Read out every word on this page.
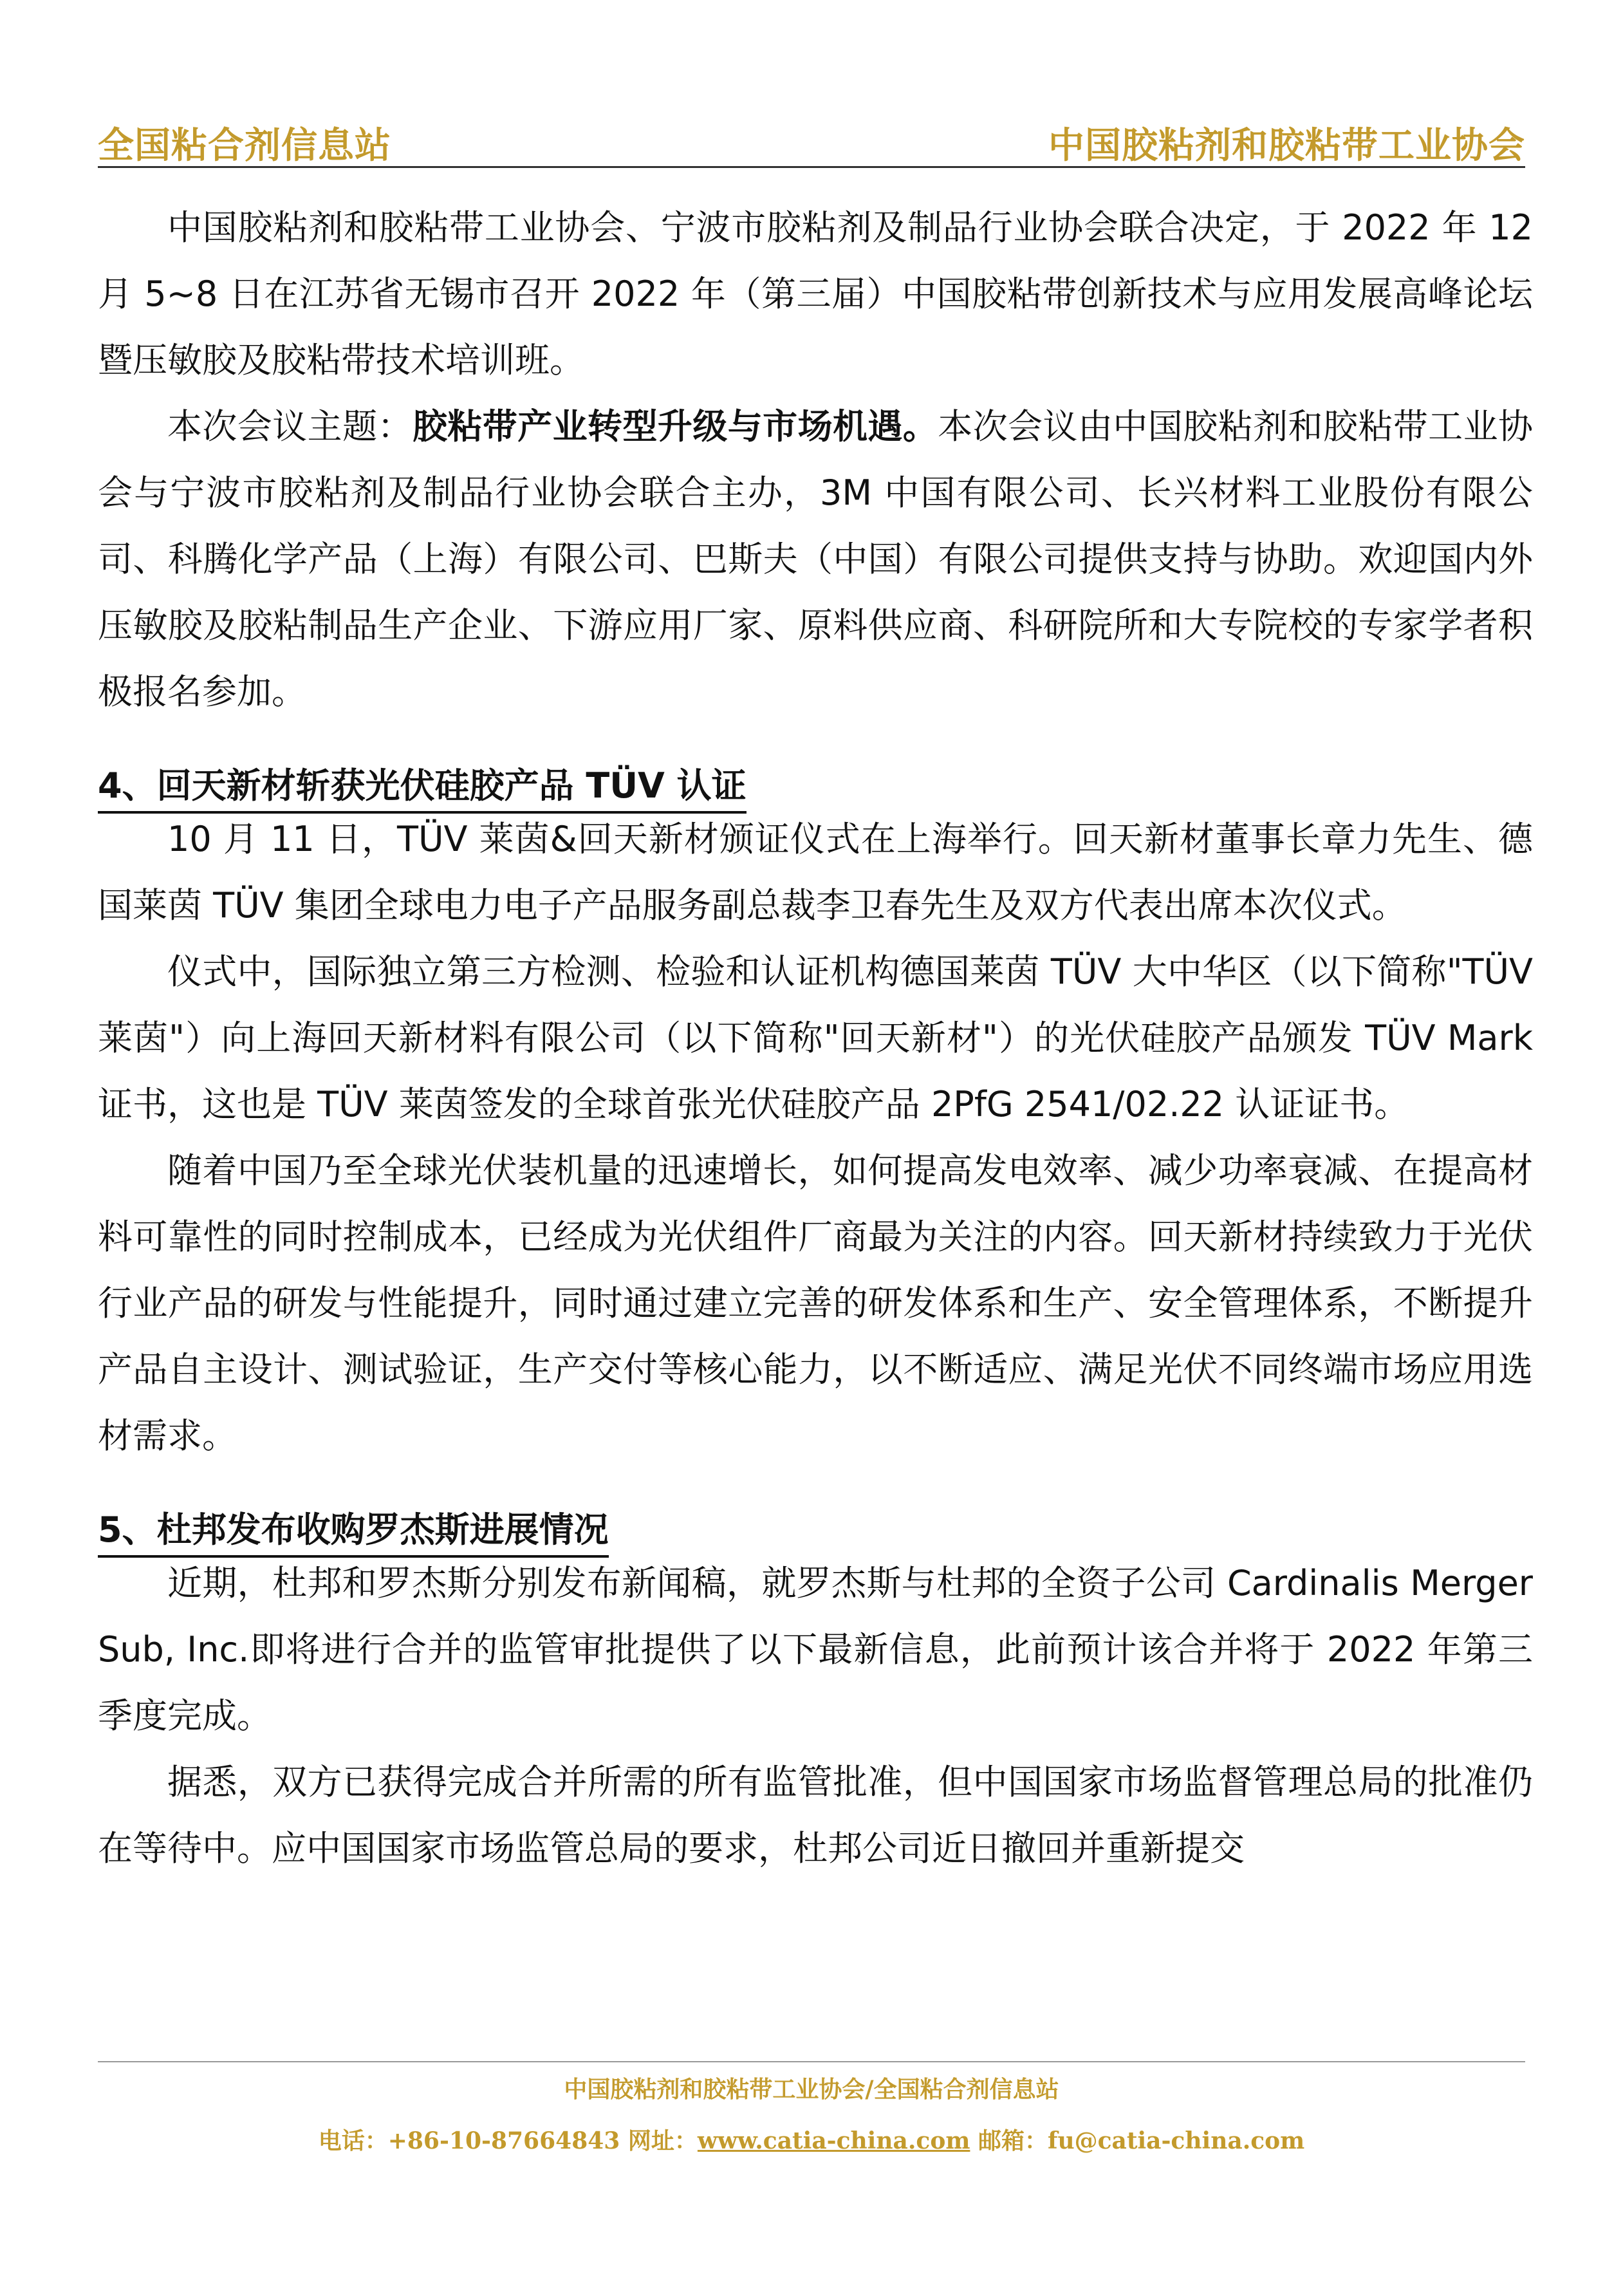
全国粘合剂信息站	中国胶粘剂和胶粘带工业协会

中国胶粘剂和胶粘带工业协会、宁波市胶粘剂及制品行业协会联合决定，于 2022 年 12 月 5~8 日在江苏省无锡市召开 2022 年（第三届）中国胶粘带创新技术与应用发展高峰论坛暨压敏胶及胶粘带技术培训班。

本次会议主题：胶粘带产业转型升级与市场机遇。本次会议由中国胶粘剂和胶粘带工业协会与宁波市胶粘剂及制品行业协会联合主办，3M 中国有限公司、长兴材料工业股份有限公司、科腾化学产品（上海）有限公司、巴斯夫（中国）有限公司提供支持与协助。欢迎国内外压敏胶及胶粘制品生产企业、下游应用厂家、原料供应商、科研院所和大专院校的专家学者积极报名参加。

4、回天新材斩获光伏硅胶产品 TÜV 认证

10 月 11 日，TÜV 莱茵&回天新材颁证仪式在上海举行。回天新材董事长章力先生、德国莱茵 TÜV 集团全球电力电子产品服务副总裁李卫春先生及双方代表出席本次仪式。

仪式中，国际独立第三方检测、检验和认证机构德国莱茵 TÜV 大中华区（以下简称"TÜV 莱茵"）向上海回天新材料有限公司（以下简称"回天新材"）的光伏硅胶产品颁发 TÜV Mark 证书，这也是 TÜV 莱茵签发的全球首张光伏硅胶产品 2PfG 2541/02.22 认证证书。

随着中国乃至全球光伏装机量的迅速增长，如何提高发电效率、减少功率衰减、在提高材料可靠性的同时控制成本，已经成为光伏组件厂商最为关注的内容。回天新材持续致力于光伏行业产品的研发与性能提升，同时通过建立完善的研发体系和生产、安全管理体系，不断提升产品自主设计、测试验证，生产交付等核心能力，以不断适应、满足光伏不同终端市场应用选材需求。

5、杜邦发布收购罗杰斯进展情况

近期，杜邦和罗杰斯分别发布新闻稿，就罗杰斯与杜邦的全资子公司 Cardinalis Merger Sub, Inc.即将进行合并的监管审批提供了以下最新信息，此前预计该合并将于 2022 年第三季度完成。

据悉，双方已获得完成合并所需的所有监管批准，但中国国家市场监督管理总局的批准仍在等待中。应中国国家市场监管总局的要求，杜邦公司近日撤回并重新提交

中国胶粘剂和胶粘带工业协会/全国粘合剂信息站
电话：+86-10-87664843 网址：www.catia-china.com 邮箱：fu@catia-china.com
